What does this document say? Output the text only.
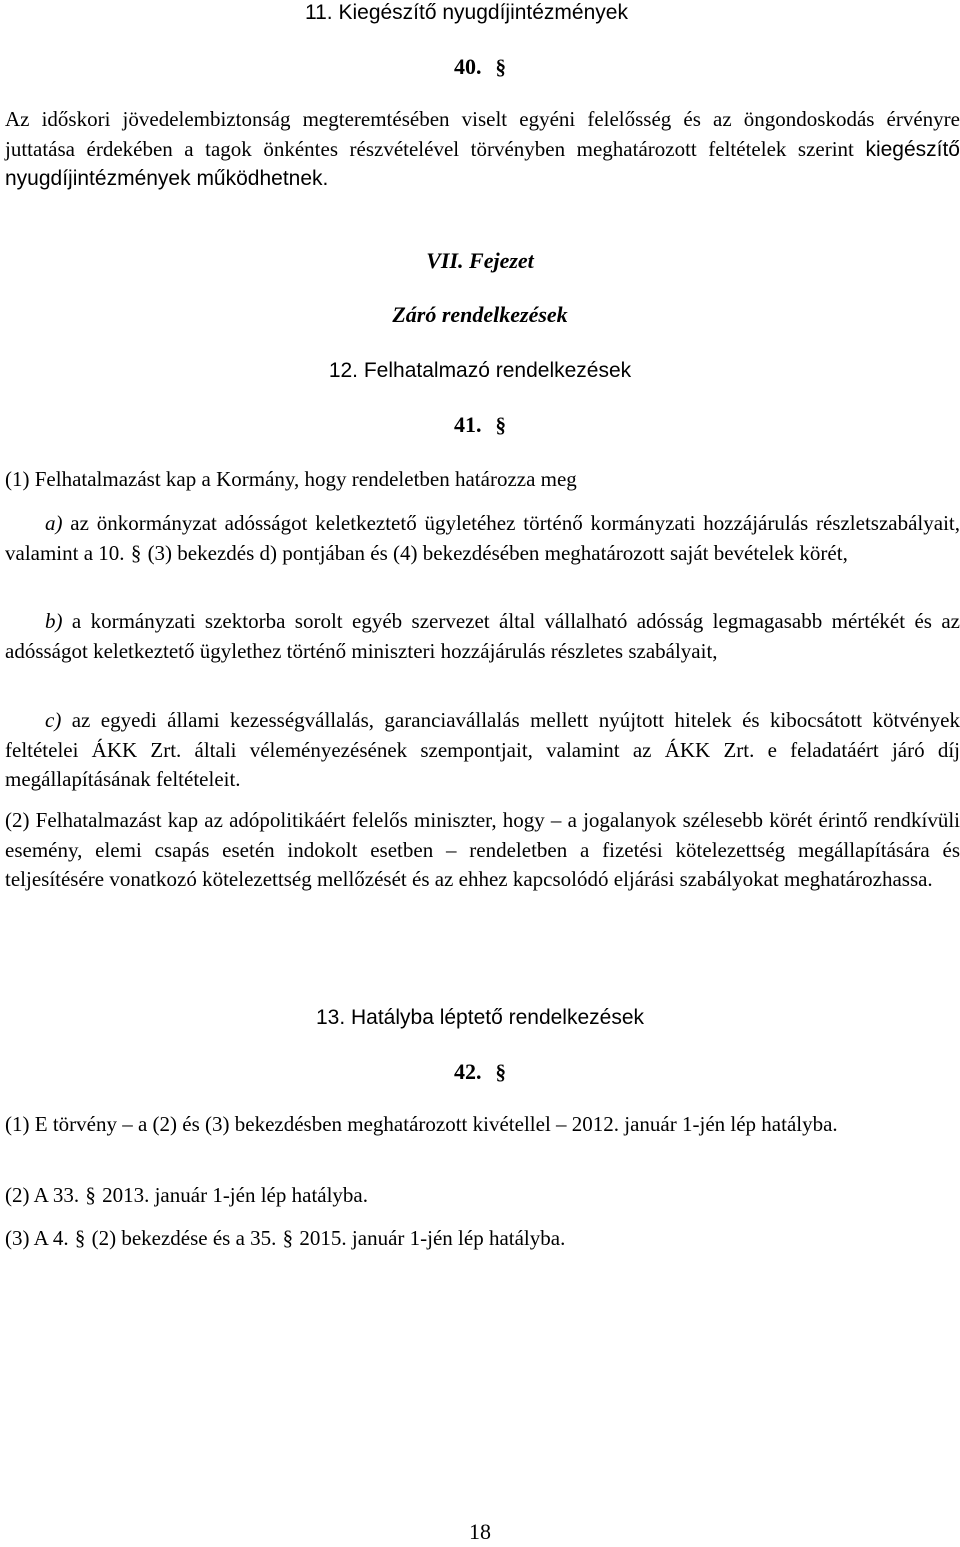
11. Kiegészítő nyugdíjintézmények
40. §

Az időskori jövedelembiztonság megteremtésében viselt egyéni felelősség és az öngondoskodás érvényre juttatása érdekében a tagok önkéntes részvételével törvényben meghatározott feltételek szerint kiegészítő nyugdíjintézmények működhetnek.

VII. Fejezet
Záró rendelkezések
12. Felhatalmazó rendelkezések
41. §

(1) Felhatalmazást kap a Kormány, hogy rendeletben határozza meg

a) az önkormányzat adósságot keletkeztető ügyletéhez történő kormányzati hozzájárulás részletszabályait, valamint a 10. § (3) bekezdés d) pontjában és (4) bekezdésében meghatározott saját bevételek körét,

b) a kormányzati szektorba sorolt egyéb szervezet által vállalható adósság legmagasabb mértékét és az adósságot keletkeztető ügylethez történő miniszteri hozzájárulás részletes szabályait,

c) az egyedi állami kezességvállalás, garanciavállalás mellett nyújtott hitelek és kibocsátott kötvények feltételei ÁKK Zrt. általi véleményezésének szempontjait, valamint az ÁKK Zrt. e feladatáért járó díj megállapításának feltételeit.

(2) Felhatalmazást kap az adópolitikáért felelős miniszter, hogy – a jogalanyok szélesebb körét érintő rendkívüli esemény, elemi csapás esetén indokolt esetben – rendeletben a fizetési kötelezettség megállapítására és teljesítésére vonatkozó kötelezettség mellőzését és az ehhez kapcsolódó eljárási szabályokat meghatározhassa.

13. Hatályba léptető rendelkezések
42. §

(1) E törvény – a (2) és (3) bekezdésben meghatározott kivétellel – 2012. január 1-jén lép hatályba.

(2) A 33. § 2013. január 1-jén lép hatályba.

(3) A 4. § (2) bekezdése és a 35. § 2015. január 1-jén lép hatályba.

18
